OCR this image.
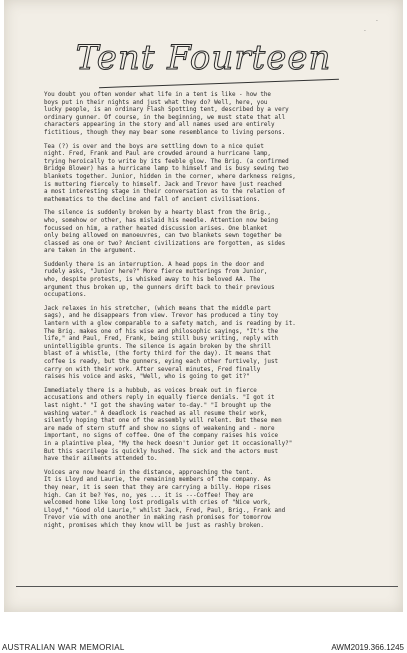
·
·
Tent Fourteen

You doubt you often wonder what life in a tent is like - how the
boys put in their nights and just what they do? Well, here, you
lucky people, is an ordinary Flash Spotting tent, described by a very
ordinary gunner. Of course, in the beginning, we must state that all
characters appearing in the story and all names used are entirely
fictitious, though they may bear some resemblance to living persons.

Tea (?) is over and the boys are settling down to a nice quiet
night. Fred, Frank and Paul are crowded around a hurricane lamp,
trying heroically to write by its feeble glow. The Brig. (a confirmed
Bridge Blower) has a hurricane lamp to himself and is busy sewing two
blankets together. Junior, hidden in the corner, where darkness reigns,
is muttering fiercely to himself. Jack and Trevor have just reached
a most interesting stage in their conversation as to the relation of
mathematics to the decline and fall of ancient civilisations.

The silence is suddenly broken by a hearty blast from the Brig.,
who, somehow or other, has mislaid his needle. Attention now being
focussed on him, a rather heated discussion arises. One blanket
only being allowed on manoeuvres, can two blankets sewn together be
classed as one or two? Ancient civilizations are forgotten, as sides
are taken in the argument.

Suddenly there is an interruption. A head pops in the door and
rudely asks, "Junior here?" More fierce mutterings from Junior,
who, despite protests, is whisked away to his beloved AA. The
argument thus broken up, the gunners drift back to their previous
occupations.

Jack relaxes in his stretcher, (which means that the middle part
sags), and he disappears from view. Trevor has produced a tiny toy
lantern with a glow comparable to a safety match, and is reading by it.
The Brig. makes one of his wise and philosophic sayings, "It's the
life," and Paul, Fred, Frank, being still busy writing, reply with
unintelligible grunts. The silence is again broken by the shrill
blast of a whistle, (the forty third for the day). It means that
coffee is ready, but the gunners, eying each other furtively, just
carry on with their work. After several minutes, Fred finally
raises his voice and asks, "Well, who is going to get it?"

Immediately there is a hubbub, as voices break out in fierce
accusations and others reply in equally fierce denials. "I got it
last night." "I got the shaving water to-day." "I brought up the
washing water." A deadlock is reached as all resume their work,
silently hoping that one of the assembly will relent. But these men
are made of stern stuff and show no signs of weakening and - more
important, no signs of coffee. One of the company raises his voice
in a plaintive plea, "My the heck doesn't Junior get it occasionally?"
But this sacrilege is quickly hushed. The sick and the actors must
have their ailments attended to.

Voices are now heard in the distance, approaching the tent.
It is Lloyd and Laurie, the remaining members of the company. As
they near, it is seen that they are carrying a billy. Hope rises
high. Can it be? Yes, no, yes ... it is ---Coffee! They are
welcomed home like long lost prodigals with cries of "Nice work,
Lloyd," "Good old Laurie," whilst Jack, Fred, Paul, Brig., Frank and
Trevor vie with one another in making rash promises for tomorrow
night, promises which they know will be just as rashly broken.

AUSTRALIAN WAR MEMORIAL	AWM2019.366.1245
